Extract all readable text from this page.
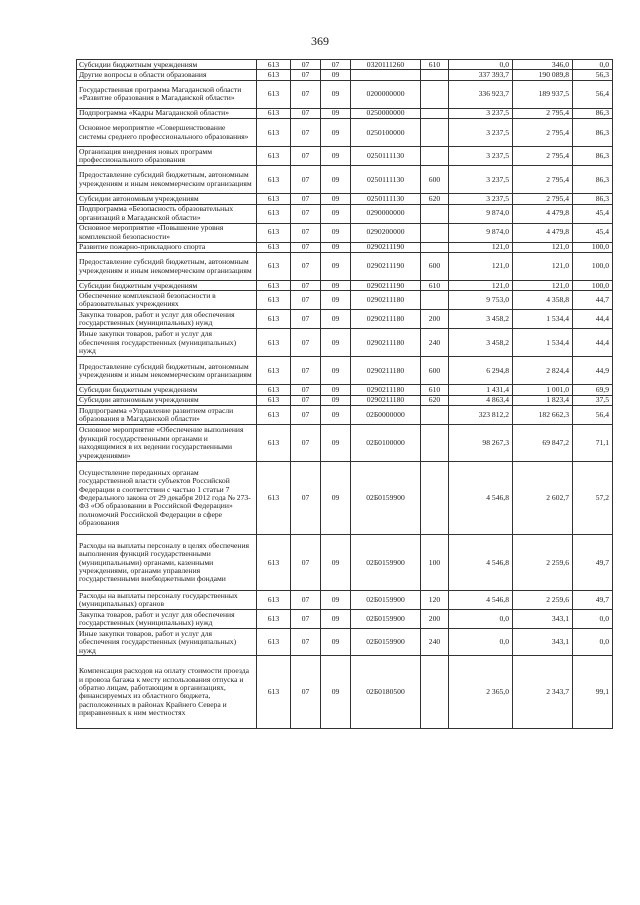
369
Субсидии бюджетным учреждениям	613	07	07	0320111260	610	0,0	346,0	0,0
Другие вопросы в области образования	613	07	09			337 393,7	190 089,8	56,3
Государственная программа Магаданской области «Развитие образования в Магаданской области»	613	07	09	0200000000		336 923,7	189 937,5	56,4
Подпрограмма «Кадры Магаданской области»	613	07	09	0250000000		3 237,5	2 795,4	86,3
Основное мероприятие «Совершенствование системы среднего профессионального образования»	613	07	09	0250100000		3 237,5	2 795,4	86,3
Организация внедрения новых программ профессионального образования	613	07	09	0250111130		3 237,5	2 795,4	86,3
Предоставление субсидий бюджетным, автономным учреждениям и иным некоммерческим организациям	613	07	09	0250111130	600	3 237,5	2 795,4	86,3
Субсидии автономным учреждениям	613	07	09	0250111130	620	3 237,5	2 795,4	86,3
Подпрограмма «Безопасность образовательных организаций в Магаданской области»	613	07	09	0290000000		9 874,0	4 479,8	45,4
Основное мероприятие «Повышение уровня комплексной безопасности»	613	07	09	0290200000		9 874,0	4 479,8	45,4
Развитие пожарно-прикладного спорта	613	07	09	0290211190		121,0	121,0	100,0
Предоставление субсидий бюджетным, автономным учреждениям и иным некоммерческим организациям	613	07	09	0290211190	600	121,0	121,0	100,0
Субсидии бюджетным учреждениям	613	07	09	0290211190	610	121,0	121,0	100,0
Обеспечение комплексной безопасности в образовательных учреждениях	613	07	09	0290211180		9 753,0	4 358,8	44,7
Закупка товаров, работ и услуг для обеспечения государственных (муниципальных) нужд	613	07	09	0290211180	200	3 458,2	1 534,4	44,4
Иные закупки товаров, работ и услуг для обеспечения государственных (муниципальных) нужд	613	07	09	0290211180	240	3 458,2	1 534,4	44,4
Предоставление субсидий бюджетным, автономным учреждениям и иным некоммерческим организациям	613	07	09	0290211180	600	6 294,8	2 824,4	44,9
Субсидии бюджетным учреждениям	613	07	09	0290211180	610	1 431,4	1 001,0	69,9
Субсидии автономным учреждениям	613	07	09	0290211180	620	4 863,4	1 823,4	37,5
Подпрограмма «Управление развитием отрасли образования в Магаданской области»	613	07	09	02Б0000000		323 812,2	182 662,3	56,4
Основное мероприятие «Обеспечение выполнения функций государственными органами и находящимися в их ведении государственными учреждениями»	613	07	09	02Б0100000		98 267,3	69 847,2	71,1
Осуществление переданных органам государственной власти субъектов Российской Федерации в соответствии с частью 1 статьи 7 Федерального закона от 29 декабря 2012 года № 273-ФЗ «Об образовании в Российской Федерации» полномочий Российской Федерации в сфере образования	613	07	09	02Б0159900		4 546,8	2 602,7	57,2
Расходы на выплаты персоналу в целях обеспечения выполнения функций государственными (муниципальными) органами, казенными учреждениями, органами управления государственными внебюджетными фондами	613	07	09	02Б0159900	100	4 546,8	2 259,6	49,7
Расходы на выплаты персоналу государственных (муниципальных) органов	613	07	09	02Б0159900	120	4 546,8	2 259,6	49,7
Закупка товаров, работ и услуг для обеспечения государственных (муниципальных) нужд	613	07	09	02Б0159900	200	0,0	343,1	0,0
Иные закупки товаров, работ и услуг для обеспечения государственных (муниципальных) нужд	613	07	09	02Б0159900	240	0,0	343,1	0,0
Компенсация расходов на оплату стоимости проезда и провоза багажа к месту использования отпуска и обратно лицам, работающим в организациях, финансируемых из областного бюджета, расположенных в районах Крайнего Севера и приравненных к ним местностях	613	07	09	02Б0180500		2 365,0	2 343,7	99,1
